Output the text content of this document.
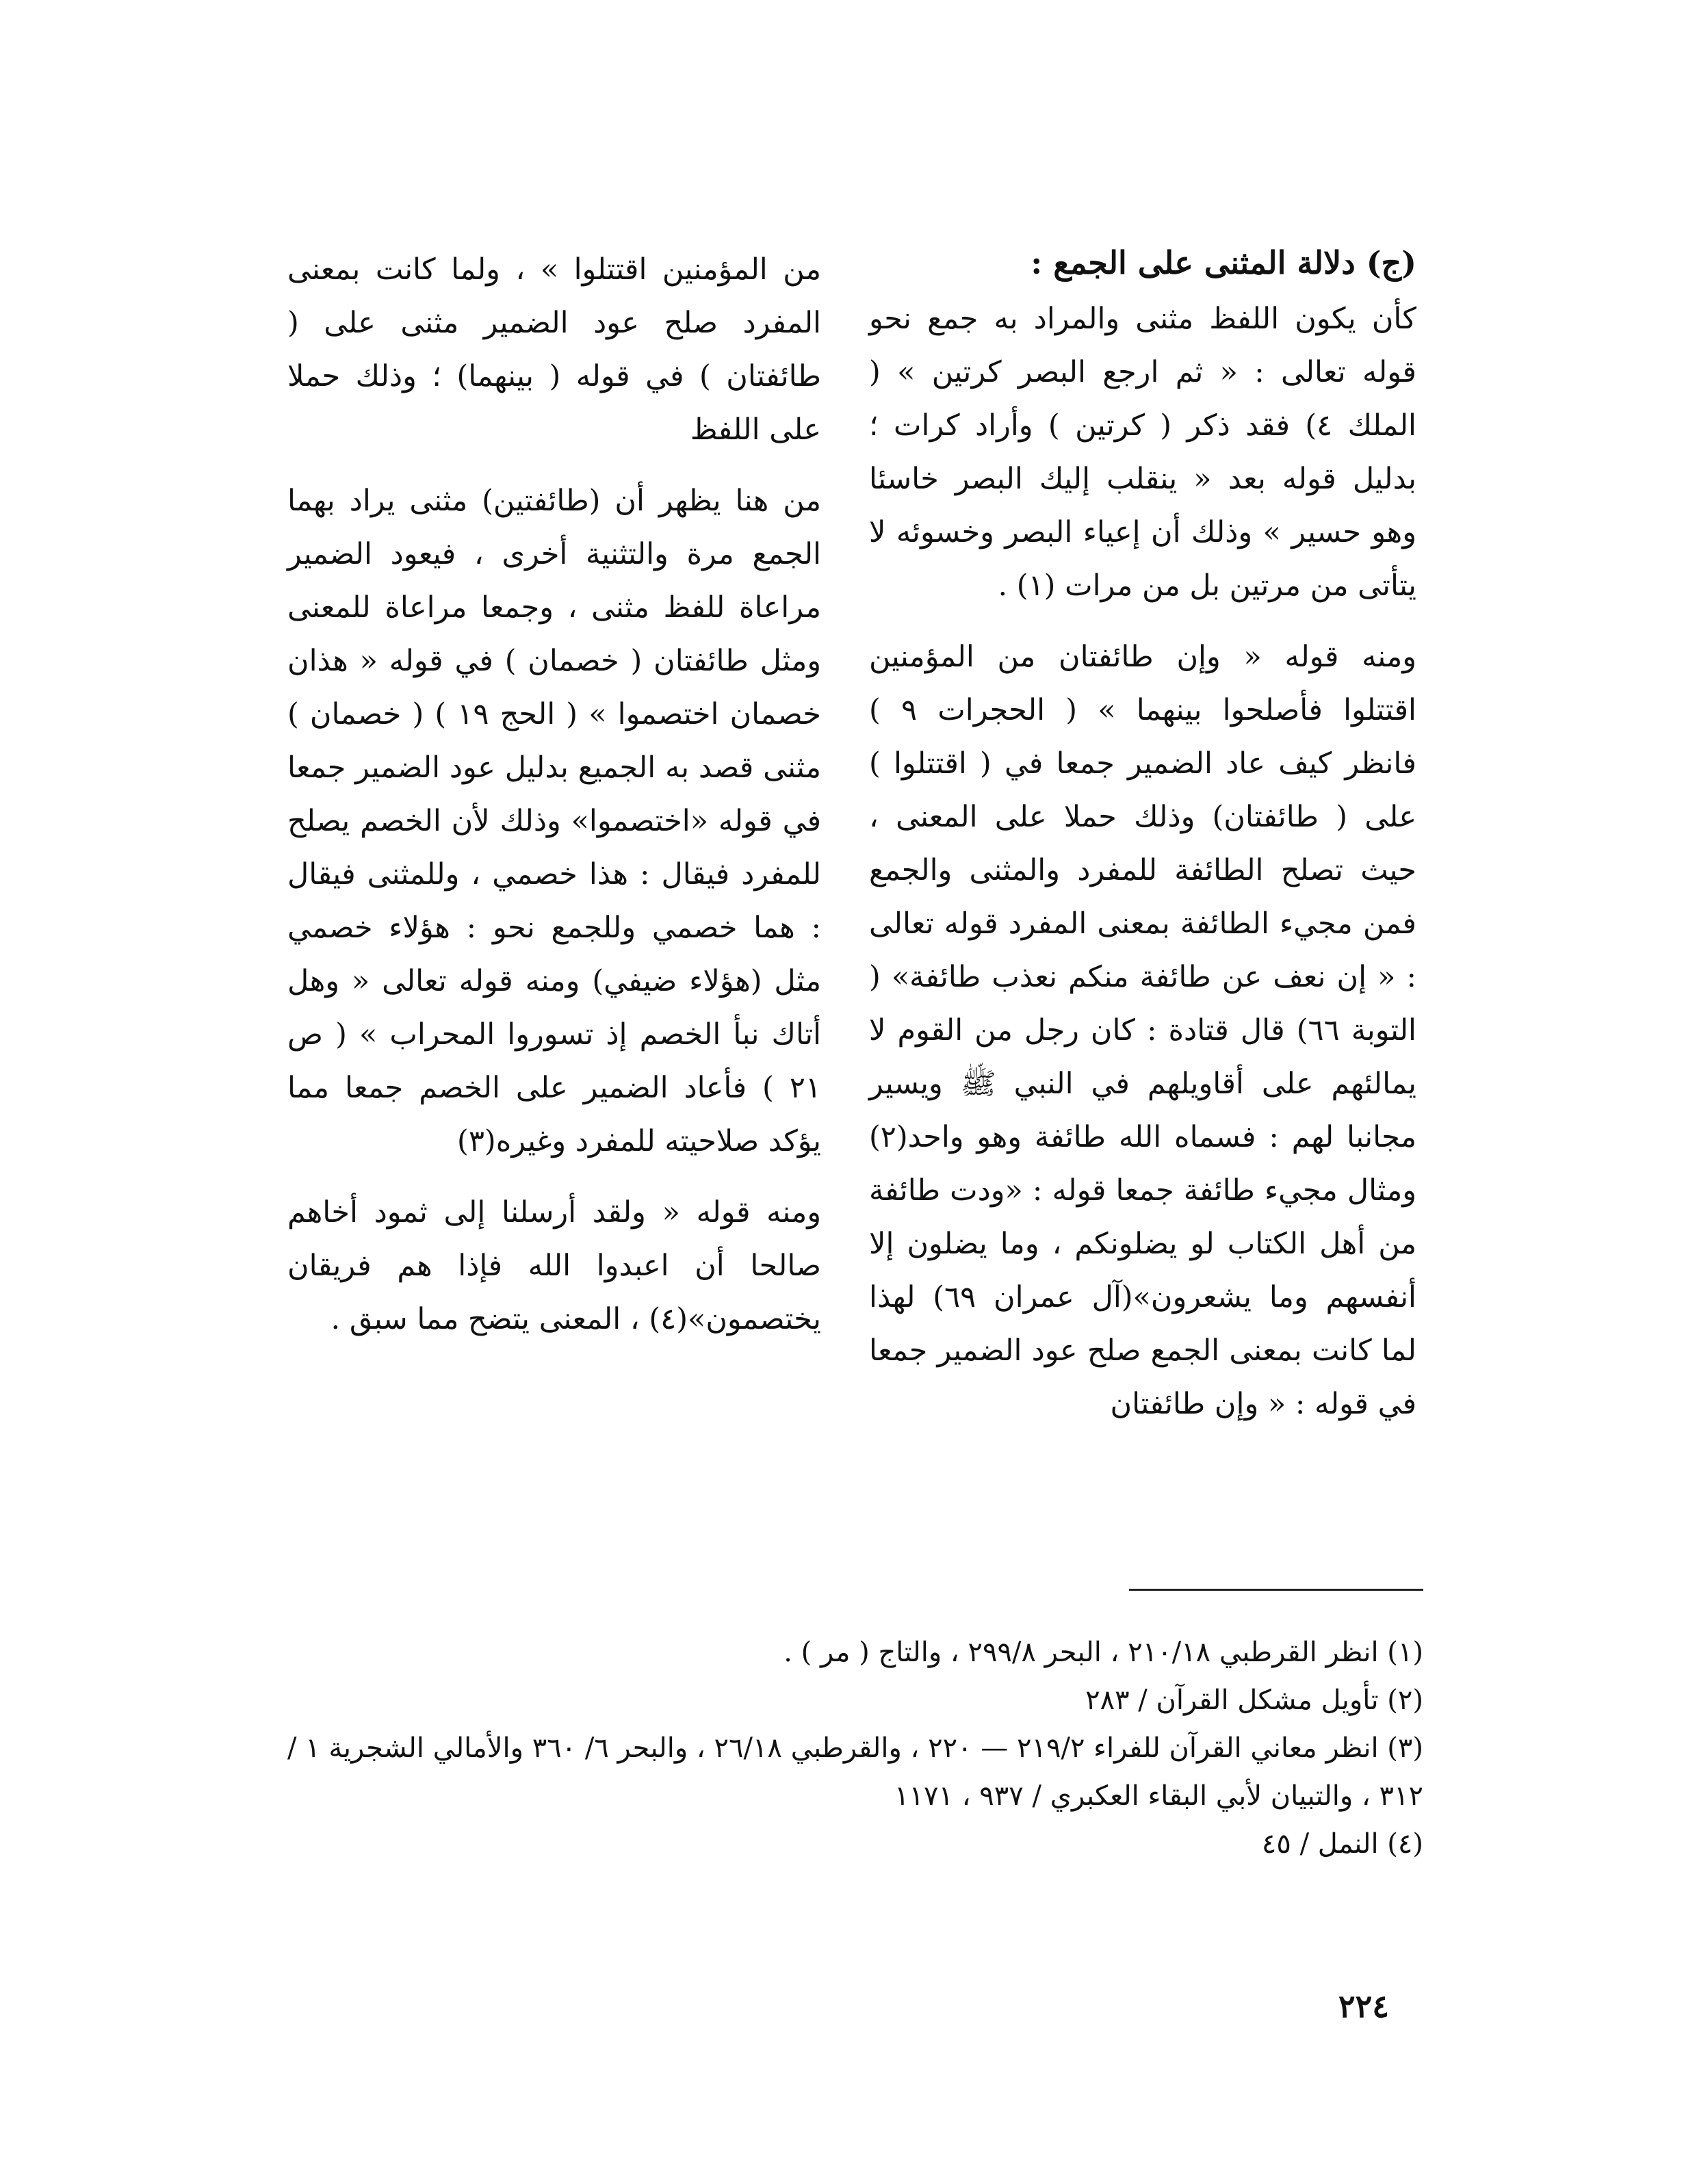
(ج) دلالة المثنى على الجمع :

كأن يكون اللفظ مثنى والمراد به جمع نحو قوله تعالى : « ثم ارجع البصر كرتين » ( الملك ٤) فقد ذكر ( كرتين ) وأراد كرات ؛ بدليل قوله بعد « ينقلب إليك البصر خاسئا وهو حسير » وذلك أن إعياء البصر وخسوئه لا يتأتى من مرتين بل من مرات (١) .

ومنه قوله « وإن طائفتان من المؤمنين اقتتلوا فأصلحوا بينهما » ( الحجرات ٩ ) فانظر كيف عاد الضمير جمعا في ( اقتتلوا ) على ( طائفتان) وذلك حملا على المعنى ، حيث تصلح الطائفة للمفرد والمثنى والجمع فمن مجيء الطائفة بمعنى المفرد قوله تعالى : « إن نعف عن طائفة منكم نعذب طائفة» ( التوبة ٦٦) قال قتادة : كان رجل من القوم لا يمالئهم على أقاويلهم في النبي ﷺ ويسير مجانبا لهم : فسماه الله طائفة وهو واحد(٢) ومثال مجيء طائفة جمعا قوله : «ودت طائفة من أهل الكتاب لو يضلونكم ، وما يضلون إلا أنفسهم وما يشعرون»(آل عمران ٦٩) لهذا لما كانت بمعنى الجمع صلح عود الضمير جمعا في قوله : « وإن طائفتان

من المؤمنين اقتتلوا » ، ولما كانت بمعنى المفرد صلح عود الضمير مثنى على ( طائفتان ) في قوله ( بينهما) ؛ وذلك حملا على اللفظ

من هنا يظهر أن (طائفتين) مثنى يراد بهما الجمع مرة والتثنية أخرى ، فيعود الضمير مراعاة للفظ مثنى ، وجمعا مراعاة للمعنى ومثل طائفتان ( خصمان ) في قوله « هذان خصمان اختصموا » ( الحج ١٩ ) ( خصمان ) مثنى قصد به الجميع بدليل عود الضمير جمعا في قوله «اختصموا» وذلك لأن الخصم يصلح للمفرد فيقال : هذا خصمي ، وللمثنى فيقال : هما خصمي وللجمع نحو : هؤلاء خصمي مثل (هؤلاء ضيفي) ومنه قوله تعالى « وهل أتاك نبأ الخصم إذ تسوروا المحراب » ( ص ٢١ ) فأعاد الضمير على الخصم جمعا مما يؤكد صلاحيته للمفرد وغيره(٣)

ومنه قوله « ولقد أرسلنا إلى ثمود أخاهم صالحا أن اعبدوا الله فإذا هم فريقان يختصمون»(٤) ، المعنى يتضح مما سبق .

(١) انظر القرطبي ٢١٠/١٨ ، البحر ٢٩٩/٨ ، والتاج ( مر ) .

(٢) تأويل مشكل القرآن / ٢٨٣

(٣) انظر معاني القرآن للفراء ٢١٩/٢ — ٢٢٠ ، والقرطبي ٢٦/١٨ ، والبحر ٦/ ٣٦٠ والأمالي الشجرية ١ / ٣١٢ ، والتبيان لأبي البقاء العكبري / ٩٣٧ ، ١١٧١

(٤) النمل / ٤٥

٢٢٤
